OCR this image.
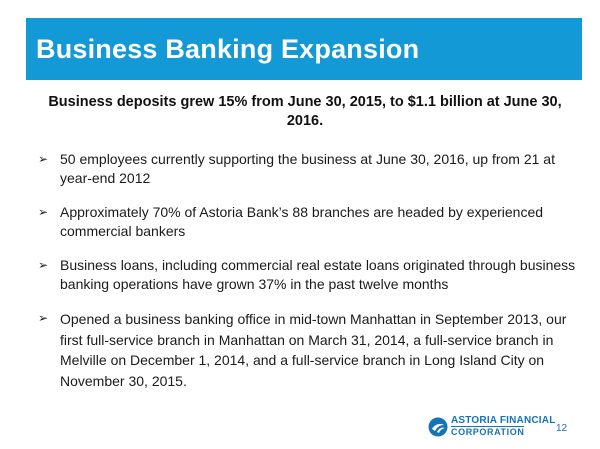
Business Banking Expansion
Business deposits grew 15% from June 30, 2015, to $1.1 billion at June 30, 2016.
➢ 50 employees currently supporting the business at June 30, 2016, up from 21 at year-end 2012
➢ Approximately 70% of Astoria Bank’s 88 branches are headed by experienced commercial bankers
➢ Business loans, including commercial real estate loans originated through business banking operations have grown 37% in the past twelve months
➢ Opened a business banking office in mid-town Manhattan in September 2013, our first full-service branch in Manhattan on March 31, 2014, a full-service branch in Melville on December 1, 2014, and a full-service branch in Long Island City on November 30, 2015.
ASTORIA FINANCIAL
CORPORATION	12
